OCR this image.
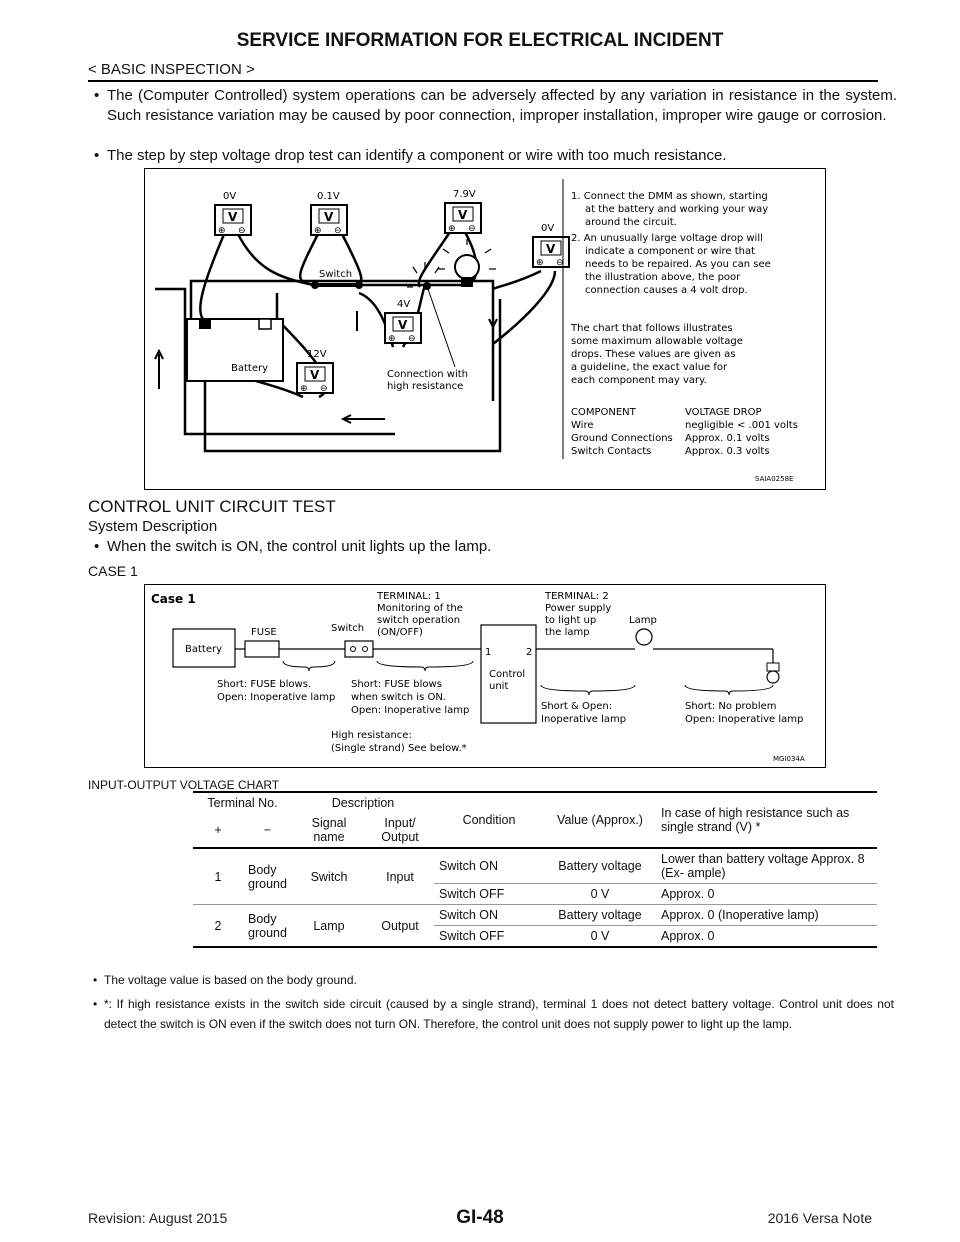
SERVICE INFORMATION FOR ELECTRICAL INCIDENT
< BASIC INSPECTION >
• The (Computer Controlled) system operations can be adversely affected by any variation in resistance in the system. Such resistance variation may be caused by poor connection, improper installation, improper wire gauge or corrosion.
• The step by step voltage drop test can identify a component or wire with too much resistance.
Battery
Switch
Connection with
high resistance
0V
V
⊕ ⊖
0.1V
V
⊕ ⊖
7.9V
V
⊕ ⊖	0V
V
⊕ ⊖
4V
V
⊕ ⊖
12V
V
⊕ ⊖
1. Connect the DMM as shown, starting
at the battery and working your way
around the circuit.
2. An unusually large voltage drop will
indicate a component or wire that
needs to be repaired. As you can see
the illustration above, the poor
connection causes a 4 volt drop.
The chart that follows illustrates
some maximum allowable voltage
drops. These values are given as
a guideline, the exact value for
each component may vary.
COMPONENT	VOLTAGE DROP
Wire	negligible < .001 volts
Ground Connections Approx. 0.1 volts
Switch Contacts	Approx. 0.3 volts
SAIA0258E
CONTROL UNIT CIRCUIT TEST
System Description
• When the switch is ON, the control unit lights up the lamp.
CASE 1
Case 1
Battery
FUSE	Switch
TERMINAL: 1
Monitoring of the
switch operation
(ON/OFF)
TERMINAL: 2
Power supply
to light up
the lamp
1	2
Control
unit
Lamp
Short: FUSE blows.
Open: Inoperative lamp
Short: FUSE blows
when switch is ON.
Open: Inoperative lamp
High resistance:
(Single strand) See below.*
Short & Open:
Inoperative lamp
Short: No problem
Open: Inoperative lamp
MGI034A
INPUT-OUTPUT VOLTAGE CHART
Terminal No.		Description		Condition	Value (Approx.)	In case of high resistance such as single strand (V) *
+	−	Signal name	Input/ Output			
1	Body ground	Switch	Input	Switch ON	Battery voltage	Lower than battery voltage Approx. 8 (Ex- ample)
				Switch OFF	0 V	Approx. 0
2	Body ground	Lamp	Output	Switch ON	Battery voltage	Approx. 0 (Inoperative lamp)
				Switch OFF	0 V	Approx. 0
• The voltage value is based on the body ground.
• *: If high resistance exists in the switch side circuit (caused by a single strand), terminal 1 does not detect battery voltage. Control unit does not detect the switch is ON even if the switch does not turn ON. Therefore, the control unit does not supply power to light up the lamp.
Revision: August 2015	GI-48	2016 Versa Note
